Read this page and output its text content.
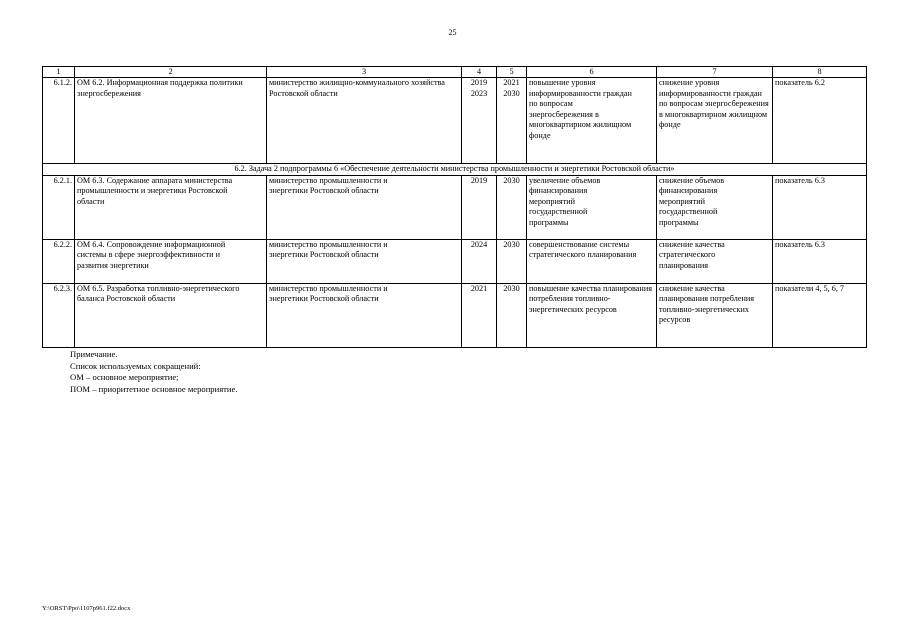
25
1	2	3	4	5	6	7	8
6.1.2.	ОМ 6.2. Информационная поддержка политики энергосбережения	министерство жилищно-коммунального хозяйства Ростовской области	2019 2023	2021 2030	повышение уровня информированности граждан по вопросам энергосбережения в многоквартирном жилищном фонде	снижение уровня информированности граждан по вопросам энергосбережения в многоквартирном жилищном фонде	показатель 6.2
6.2. Задача 2 подпрограммы 6 «Обеспечение деятельности министерства промышленности и энергетики Ростовской области»							
6.2.1.	ОМ 6.3. Содержание аппарата министерства промышленности и энергетики Ростовской области	министерство промышленности и энергетики Ростовской области	2019	2030	увеличение объемов финансирования мероприятий государственной программы	снижение объемов финансирования мероприятий государственной программы	показатель 6.3
6.2.2.	ОМ 6.4. Сопровождение информационной системы в сфере энергоэффективности и развития энергетики	министерство промышленности и энергетики Ростовской области	2024	2030	совершенствование системы стратегического планирования	снижение качества стратегического планирования	показатель 6.3
6.2.3.	ОМ 6.5. Разработка топливно-энергетического баланса Ростовской области	министерство промышленности и энергетики Ростовской области	2021	2030	повышение качества планирования потребления топливно-энергетических ресурсов	снижение качества планирования потребления топливно-энергетических ресурсов	показатели 4, 5, 6, 7
Примечание.
Список используемых сокращений:
ОМ – основное мероприятие;
ПОМ – приоритетное основное мероприятие.
Y:\ORST\Ppo\1107p961.f22.docx
